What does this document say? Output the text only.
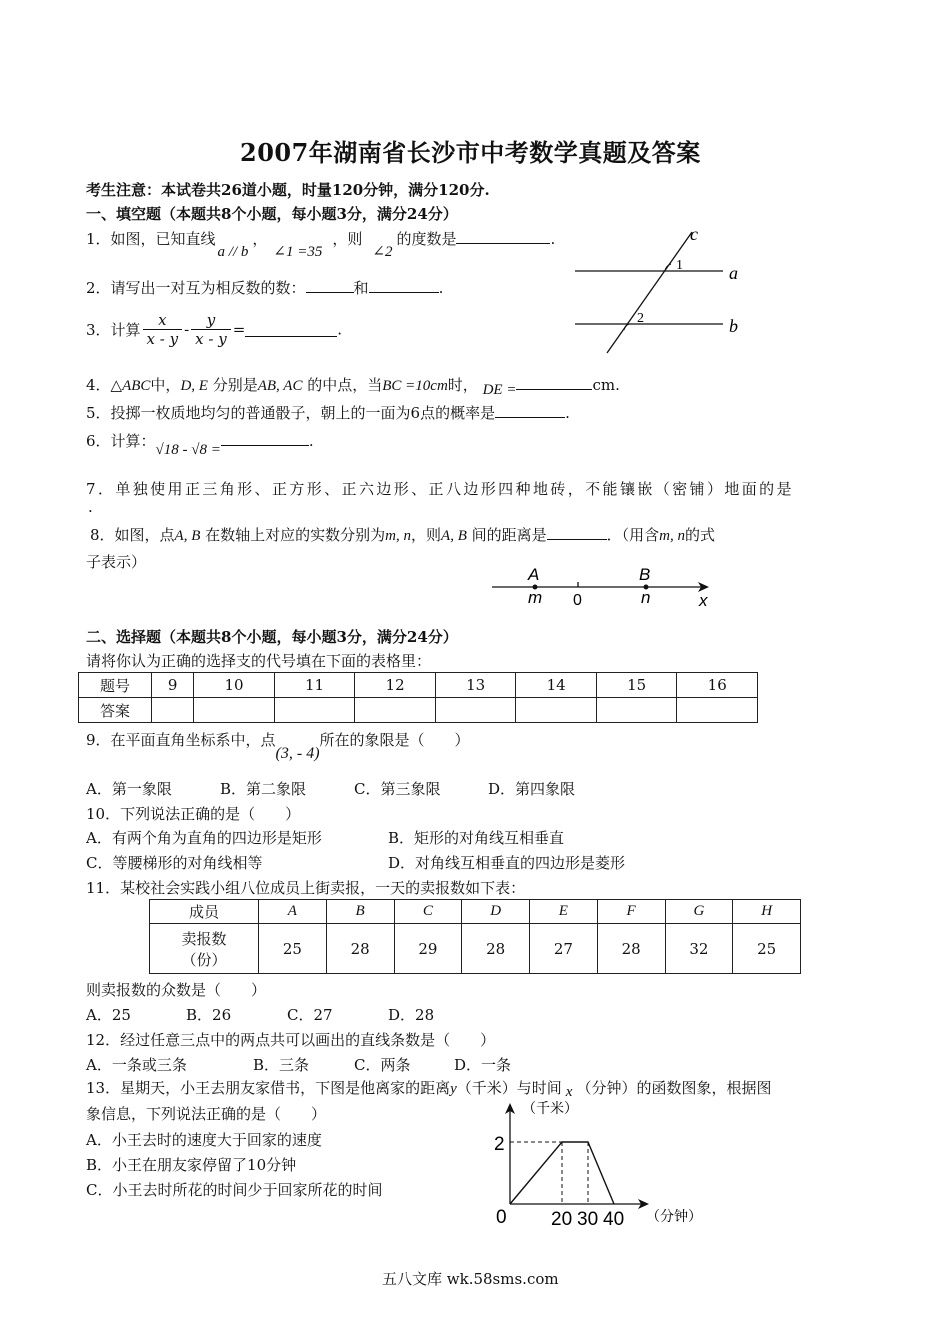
2007年湖南省长沙市中考数学真题及答案
考生注意：本试卷共26道小题，时量120分钟，满分120分.
一、填空题（本题共8个小题，每小题3分，满分24分）
1．如图，已知直线a // b，∠1 =35，则∠2的度数是	.	c
a
b
1
2
2．请写出一对互为相反数的数：	和	.
3．计算 $\frac{x}{x - y} - \frac{y}{x - y}$ =	.
4．△ABC中，D, E 分别是AB, AC 的中点，当BC =10cm时， DE =	cm.
5．投掷一枚质地均匀的普通骰子，朝上的一面为6点的概率是	.
6．计算：√18 - √8 =	.
7．单独使用正三角形、正方形、正六边形、正八边形四种地砖，不能镶嵌（密铺）地面的是
.
8．如图，点A, B 在数轴上对应的实数分别为m, n，则A, B 间的距离是	．（用含m, n的式
子表示）
A	B
m 0	n	x
二、选择题（本题共8个小题，每小题3分，满分24分）
请将你认为正确的选择支的代号填在下面的表格里：
题号	9	10	11	12	13	14	15	16
答案								
9．在平面直角坐标系中，点(3, - 4)所在的象限是（　　）
A．第一象限	B．第二象限	C．第三象限	D．第四象限
10．下列说法正确的是（　　）
A．有两个角为直角的四边形是矩形	B．矩形的对角线互相垂直
C．等腰梯形的对角线相等	D．对角线互相垂直的四边形是菱形
11．某校社会实践小组八位成员上街卖报，一天的卖报数如下表：
成员	A	B	C	D	E	F	G	H
卖报数
（份）	25	28	29	28	27	28	32	25
则卖报数的众数是（　　）
A．25	B．26	C．27	D．28
12．经过任意三点中的两点共可以画出的直线条数是（　　）
A．一条或三条	B．三条	C．两条	D．一条
13．星期天，小王去朋友家借书，下图是他离家的距离y（千米）与时间 x （分钟）的函数图象，根据图
象信息，下列说法正确的是（　　）
A．小王去时的速度大于回家的速度
B．小王在朋友家停留了10分钟
C．小王去时所花的时间少于回家所花的时间
（千米）
（分钟）
2
0 20 30 40
五八文库 wk.58sms.com
